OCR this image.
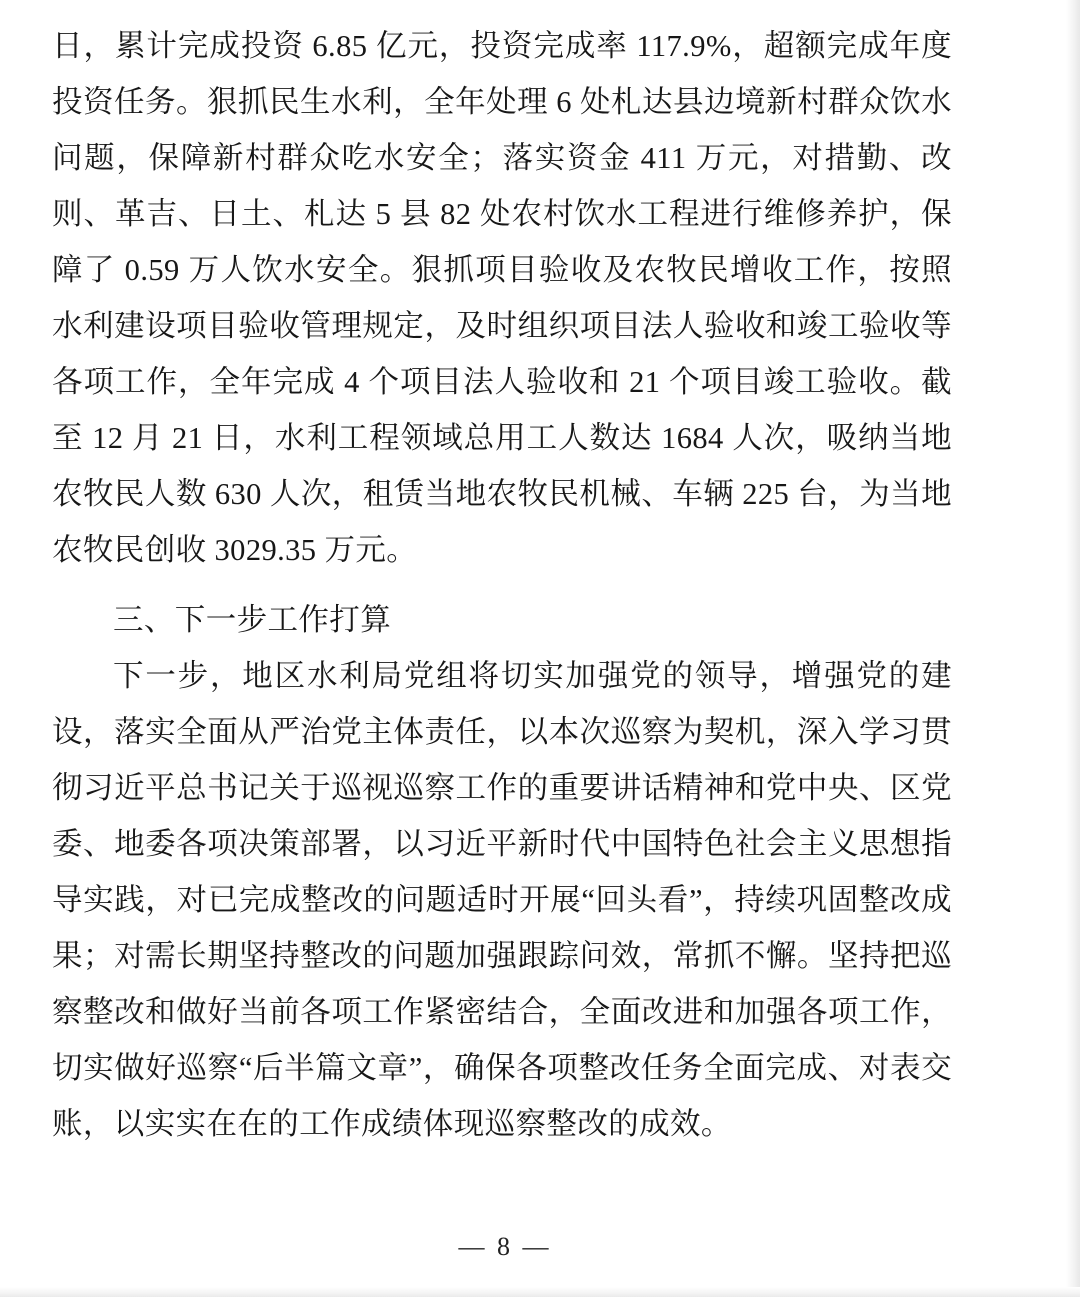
日，累计完成投资 6.85 亿元，投资完成率 117.9%，超额完成年度投资任务。狠抓民生水利，全年处理 6 处札达县边境新村群众饮水问题，保障新村群众吃水安全；落实资金 411 万元，对措勤、改则、革吉、日土、札达 5 县 82 处农村饮水工程进行维修养护，保障了 0.59 万人饮水安全。狠抓项目验收及农牧民增收工作，按照水利建设项目验收管理规定，及时组织项目法人验收和竣工验收等各项工作，全年完成 4 个项目法人验收和 21 个项目竣工验收。截至 12 月 21 日，水利工程领域总用工人数达 1684 人次，吸纳当地农牧民人数 630 人次，租赁当地农牧民机械、车辆 225 台，为当地农牧民创收 3029.35 万元。

三、下一步工作打算

下一步，地区水利局党组将切实加强党的领导，增强党的建设，落实全面从严治党主体责任，以本次巡察为契机，深入学习贯彻习近平总书记关于巡视巡察工作的重要讲话精神和党中央、区党委、地委各项决策部署，以习近平新时代中国特色社会主义思想指导实践，对已完成整改的问题适时开展“回头看”，持续巩固整改成果；对需长期坚持整改的问题加强跟踪问效，常抓不懈。坚持把巡察整改和做好当前各项工作紧密结合，全面改进和加强各项工作，切实做好巡察“后半篇文章”，确保各项整改任务全面完成、对表交账，以实实在在的工作成绩体现巡察整改的成效。

— 8 —
